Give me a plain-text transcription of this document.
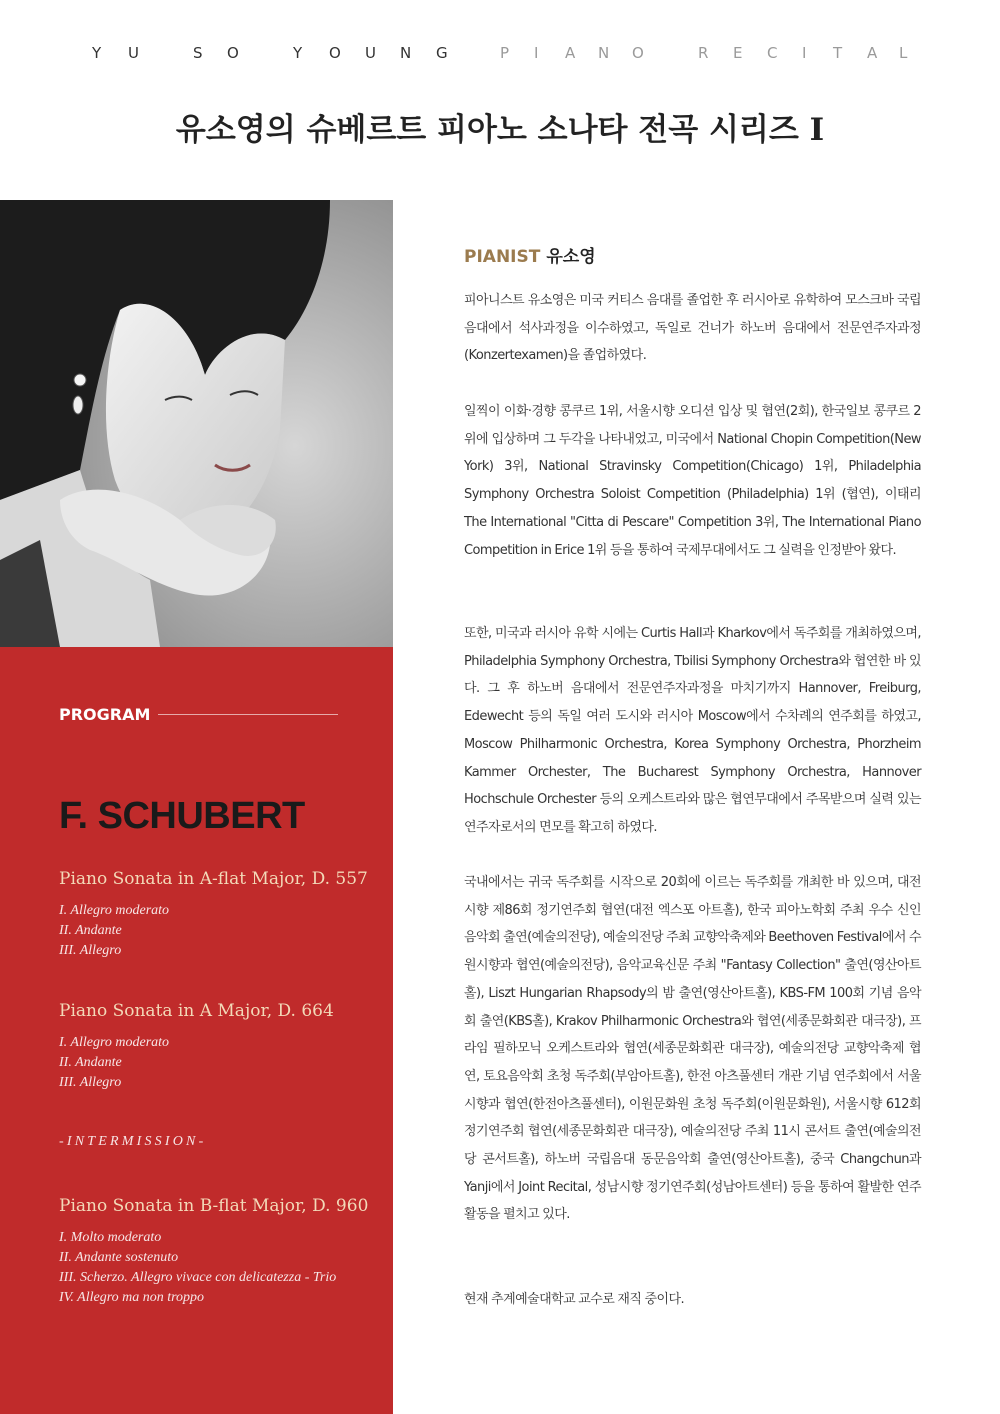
Y U	S O	Y O U N G	P I A N O	R E C I T A L
유소영의 슈베르트 피아노 소나타 전곡 시리즈 I
PROGRAM
F. SCHUBERT
Piano Sonata in A-flat Major, D. 557
I. Allegro moderato
II. Andante
III. Allegro
Piano Sonata in A Major, D. 664
I. Allegro moderato
II. Andante
III. Allegro
-INTERMISSION-
Piano Sonata in B-flat Major, D. 960
I. Molto moderato
II. Andante sostenuto
III. Scherzo. Allegro vivace con delicatezza - Trio
IV. Allegro ma non troppo
PIANIST 유소영

피아니스트 유소영은 미국 커티스 음대를 졸업한 후 러시아로 유학하여 모스크바 국립음대에서 석사과정을 이수하였고, 독일로 건너가 하노버 음대에서 전문연주자과정(Konzertexamen)을 졸업하였다.

일찍이 이화·경향 콩쿠르 1위, 서울시향 오디션 입상 및 협연(2회), 한국일보 콩쿠르 2위에 입상하며 그 두각을 나타내었고, 미국에서 National Chopin Competition(New York) 3위, National Stravinsky Competition(Chicago) 1위, Philadelphia Symphony Orchestra Soloist Competition (Philadelphia) 1위 (협연), 이태리 The International "Citta di Pescare" Competition 3위, The International Piano Competition in Erice 1위 등을 통하여 국제무대에서도 그 실력을 인정받아 왔다.

또한, 미국과 러시아 유학 시에는 Curtis Hall과 Kharkov에서 독주회를 개최하였으며, Philadelphia Symphony Orchestra, Tbilisi Symphony Orchestra와 협연한 바 있다. 그 후 하노버 음대에서 전문연주자과정을 마치기까지 Hannover, Freiburg, Edewecht 등의 독일 여러 도시와 러시아 Moscow에서 수차례의 연주회를 하였고, Moscow Philharmonic Orchestra, Korea Symphony Orchestra, Phorzheim Kammer Orchester, The Bucharest Symphony Orchestra, Hannover Hochschule Orchester 등의 오케스트라와 많은 협연무대에서 주목받으며 실력 있는 연주자로서의 면모를 확고히 하였다.

국내에서는 귀국 독주회를 시작으로 20회에 이르는 독주회를 개최한 바 있으며, 대전시향 제86회 정기연주회 협연(대전 엑스포 아트홀), 한국 피아노학회 주최 우수 신인 음악회 출연(예술의전당), 예술의전당 주최 교향악축제와 Beethoven Festival에서 수원시향과 협연(예술의전당), 음악교육신문 주최 "Fantasy Collection" 출연(영산아트홀), Liszt Hungarian Rhapsody의 밤 출연(영산아트홀), KBS-FM 100회 기념 음악회 출연(KBS홀), Krakov Philharmonic Orchestra와 협연(세종문화회관 대극장), 프라임 필하모닉 오케스트라와 협연(세종문화회관 대극장), 예술의전당 교향악축제 협연, 토요음악회 초청 독주회(부암아트홀), 한전 아츠풀센터 개관 기념 연주회에서 서울시향과 협연(한전아츠풀센터), 이원문화원 초청 독주회(이원문화원), 서울시향 612회 정기연주회 협연(세종문화회관 대극장), 예술의전당 주최 11시 콘서트 출연(예술의전당 콘서트홀), 하노버 국립음대 동문음악회 출연(영산아트홀), 중국 Changchun과 Yanji에서 Joint Recital, 성남시향 정기연주회(성남아트센터) 등을 통하여 활발한 연주활동을 펼치고 있다.

현재 추계예술대학교 교수로 재직 중이다.
